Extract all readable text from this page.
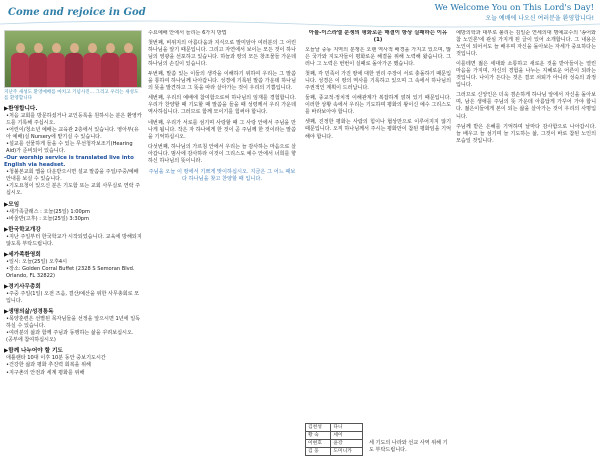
Come and rejoice in God	We Welcome You on This Lord's Day!
오늘 예배에 나오신 여러분을 환영합니다!
지난주 새성도 환영예배를 마치고 기념사진... 그리고 우리는 새성도를 환영합니다
▶환영합니다.
•처음 교회를 방문하셨거나 교인등록을 원하시는 분은 환영카드를 기록해 주십시오.
•어린이/청소년 예배는 교육관 2층에서 있습니다. 영아부(유아 예배)실 Nursery에 맡기실 수 있습니다.
•설교를 선물하게 들을 수 있는 무선청각보조기(Hearing Aid)가 준비되어 있습니다.
-Our worship service is translated live into English via headset.
•청불본교회 앱을 다운받으시면 설교 말씀을 주일/주중/예배안내를 보실 수 있습니다.
•기도요청이 있으신 분은 기도함 또는 교회 사무실로 연락 주십시오.
▶모임
•새가족클래스 : 오늘(25일) 1:00pm
•바울반(고후) : 오늘(25일) 3:30pm
▶한국학교개강
•지난 주일부터 한국학교가 시작되었습니다. 교육에 방해되지 않도록 부탁드립니다.
▶세가족환영회
•일시: 오늘(25일) 오후4시
•장소: Golden Corral Buffet (2328 S Semoran Blvd. Orlando, FL 32822)
▶경기사무총회
•주중 주일(1일) 오전 즈음, 결산/예산을 위한 사무총회로 모입니다.
▶생명의삶/성경통독
•목양훈련은 선별된 목자님들을 선정을 앞으시면 1년에 일독하실 수 있습니다.
•여러분의 삶과 함께 주님과 동행하는 삶을 꾸려보십시오. (공부에 참여하십시오)
▶함께 나누어야 할 기도
애틀랜타 10대 이후 10분 동안 중보기도시간
•건강한 삶과 평화 추진력 회복을 위해
•지구촌의 안전과 세계 평화를 위해

수요예배 안에서 들리는 6가지 방법

첫번째, 비위지의 아름다움과 지식으로 말미암아 여러분의 그 어린 하나님을 알기 때문입니다. 그리고 자연에서 보이는 모든 것이 하나님의 영광을 선포하고 있습니다. 하늘과 땅의 모든 창조물들 가운데 하나님의 손길이 있습니다.

두번째, 말씀 있는 이들의 생각을 이해하기 위하여 우리는 그 말씀을 통하여 하나님께 나아갑니다. 성경에 기록된 말씀 가운데 하나님의 뜻을 발견하고 그 뜻을 따라 살아가는 것이 우리의 기쁨입니다.

세번째, 우리의 예배에 참여함으로써 하나님의 임재를 경험합니다. 우리가 찬양할 때 기도할 때 말씀을 들을 때 성령께서 우리 가운데 역사하십니다. 그러므로 함께 모이기를 힘써야 합니다.

네번째, 우리가 서로를 섬기며 사랑할 때 그 사랑 안에서 주님을 만나게 됩니다. 작은 자 하나에게 한 것이 곧 주님께 한 것이라는 말씀을 기억하십시오.

다섯번째, 하나님의 가르침 안에서 우리는 늘 감사하는 마음으로 살아갑니다. 범사에 감사하라 이것이 그리스도 예수 안에서 너희를 향하신 하나님의 뜻이니라.

주님을 오늘 이 땅에서 기쁘게 맞이하십시오. 지금은 그 어느 때보다 하나님을 찾고 찬양할 때 입니다.
아틀-이스라엘 분쟁의 평화로운 해결이 항상 실패하는 이유 (1)

오늘날 중동 지역의 분쟁은 오랜 역사적 배경을 가지고 있으며, 많은 국가와 지도자들이 평화로운 해결을 위해 노력해 왔습니다. 그러나 그 노력은 번번이 실패로 돌아가곤 했습니다.

첫째, 각 민족이 가진 땅에 대한 권리 주장이 서로 충돌하기 때문입니다. 성경은 이 땅의 역사를 기록하고 있으며 그 속에서 하나님의 주권적인 계획이 드러납니다.

둘째, 종교적·정치적 이해관계가 복잡하게 얽혀 있기 때문입니다. 이러한 상황 속에서 우리는 기도하며 평화의 왕이신 예수 그리스도를 바라보아야 합니다.

셋째, 진정한 평화는 사람의 힘이나 협상만으로 이루어지지 않기 때문입니다. 오직 하나님께서 주시는 평화만이 참된 평화임을 기억해야 합니다.

김천성	다니
황 숙	세이
이현호	윤강
김 웅	도미니카
세 기도의 나라와 선교 사역 위해 기도 부탁드립니다.

예방의학과 대부로 불리는 김일순 연세의대 명예교수의 '송어와 참 노인론'에 관심 가지게 된 글이 있어 소개합니다. 그 내용은 노인이 되어서도 늘 배우며 자신을 돌아보는 자세가 중요하다는 것입니다.

이를테면 젊은 세대와 소통하고 새로운 것을 받아들이는 열린 마음을 가지며, 자신의 경험을 나누는 지혜로운 어른이 되라는 것입니다. 나이가 든다는 것은 결코 쇠퇴가 아니라 성숙의 과정입니다.

그러므로 신앙인은 더욱 겸손하게 하나님 앞에서 자신을 돌아보며, 남은 생애를 주님의 뜻 가운데 아름답게 가꾸어 가야 합니다. 젊은이들에게 본이 되는 삶을 살아가는 것이 우리의 사명입니다.

주님께 받은 은혜를 기억하며 날마다 감사함으로 나아갑시다. 늘 배우고 늘 섬기며 늘 기도하는 삶, 그것이 바로 참된 노인의 모습일 것입니다.
